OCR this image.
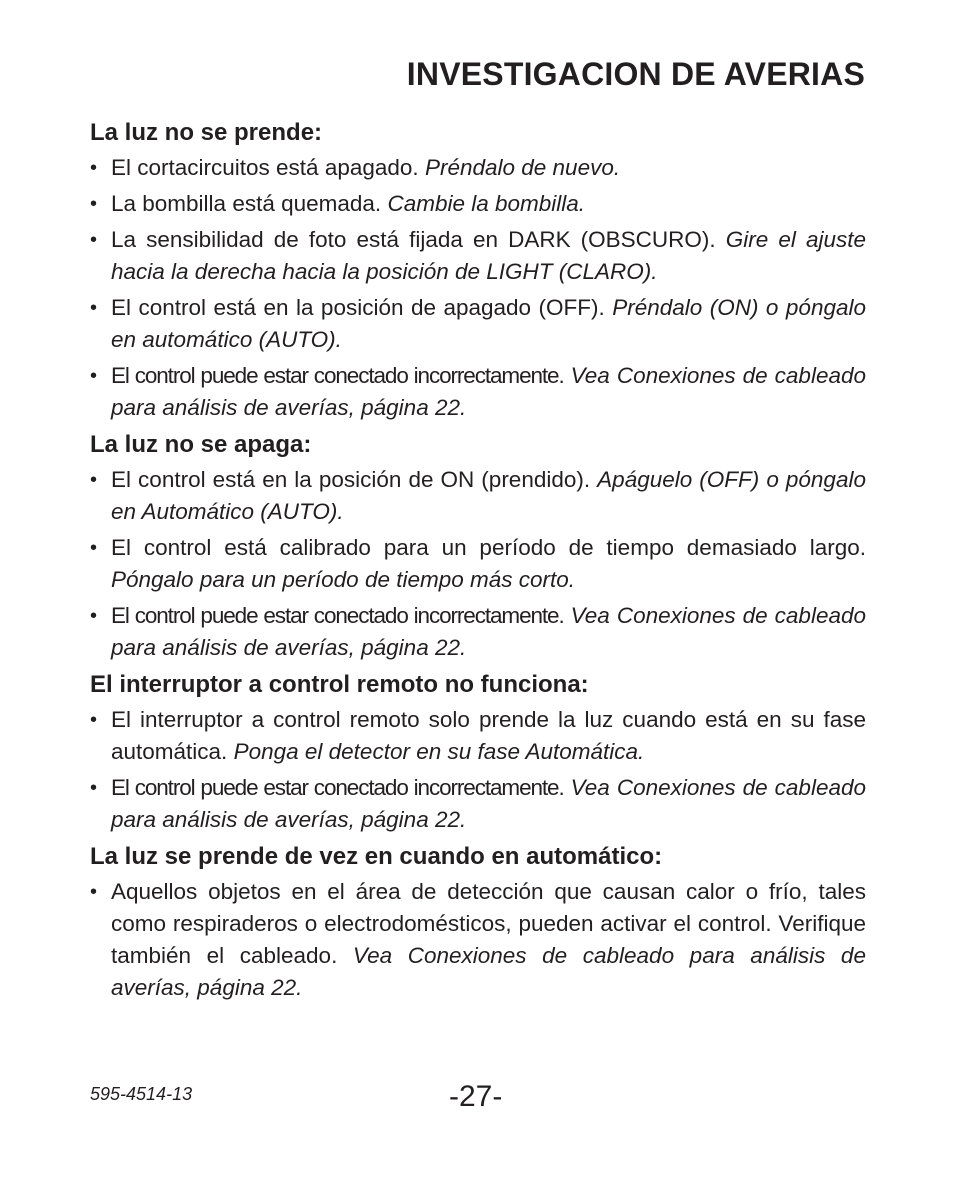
INVESTIGACION DE AVERIAS
La luz no se prende:
• El cortacircuitos está apagado. Préndalo de nuevo.
• La bombilla está quemada. Cambie la bombilla.
• La sensibilidad de foto está fijada en DARK (OBSCURO). Gire el ajuste hacia la derecha hacia la posición de LIGHT (CLARO).
• El control está en la posición de apagado (OFF). Préndalo (ON) o póngalo en automático (AUTO).
• El control puede estar conectado incorrectamente. Vea Conexiones de cableado para análisis de averías, página 22.
La luz no se apaga:
• El control está en la posición de ON (prendido). Apáguelo (OFF) o póngalo en Automático (AUTO).
• El control está calibrado para un período de tiempo demasiado largo. Póngalo para un período de tiempo más corto.
• El control puede estar conectado incorrectamente. Vea Conexiones de cableado para análisis de averías, página 22.
El interruptor a control remoto no funciona:
• El interruptor a control remoto solo prende la luz cuando está en su fase automática. Ponga el detector en su fase Automática.
• El control puede estar conectado incorrectamente. Vea Conexiones de cableado para análisis de averías, página 22.
La luz se prende de vez en cuando en automático:
• Aquellos objetos en el área de detección que causan calor o frío, tales como respiraderos o electrodomésticos, pueden activar el control. Verifique también el cableado. Vea Conexiones de cableado para análisis de averías, página 22.
595-4514-13	-27-
